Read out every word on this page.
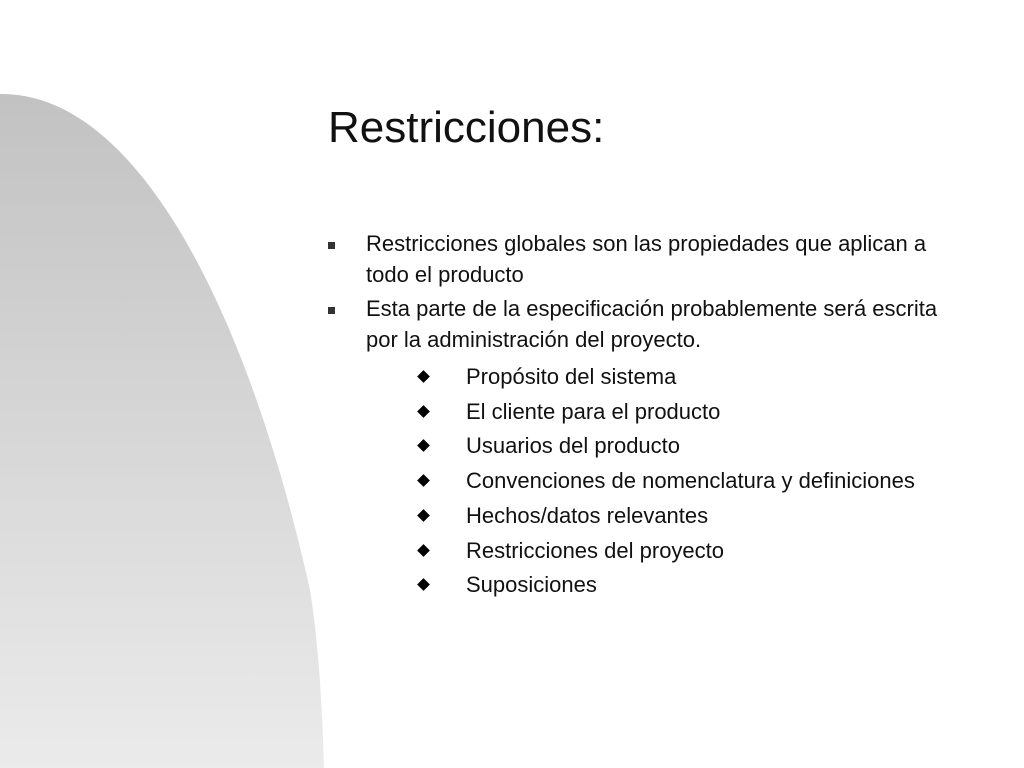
Restricciones:
Restricciones globales son las propiedades que aplican a todo el producto
Esta parte de la especificación probablemente será escrita por la administración del proyecto.
Propósito del sistema
El cliente para el producto
Usuarios del producto
Convenciones de nomenclatura y definiciones
Hechos/datos relevantes
Restricciones del proyecto
Suposiciones
